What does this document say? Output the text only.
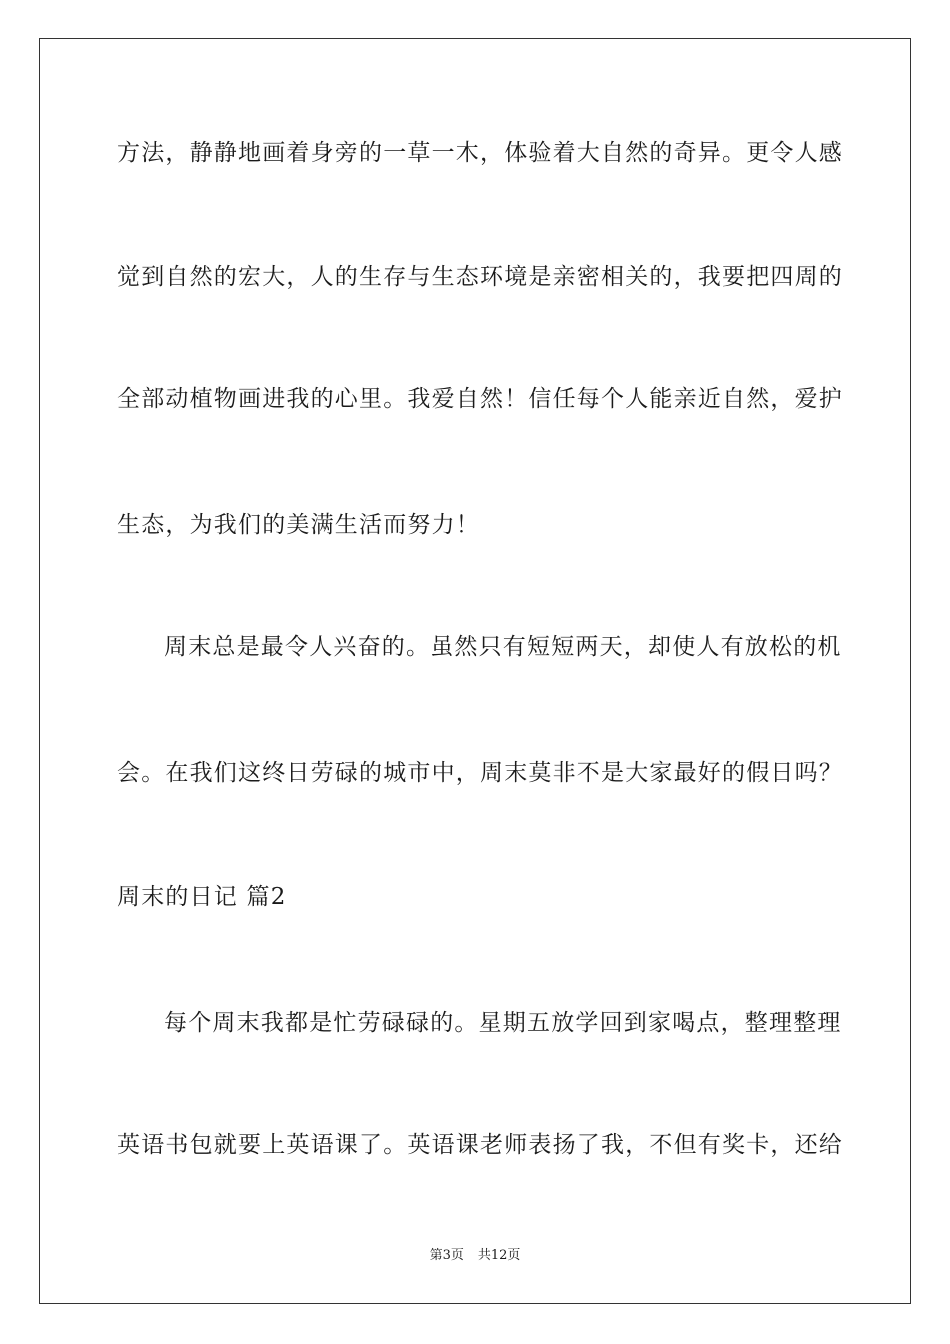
方法，静静地画着身旁的一草一木，体验着大自然的奇异。更令人感
觉到自然的宏大，人的生存与生态环境是亲密相关的，我要把四周的
全部动植物画进我的心里。我爱自然！信任每个人能亲近自然，爱护
生态，为我们的美满生活而努力！
周末总是最令人兴奋的。虽然只有短短两天，却使人有放松的机
会。在我们这终日劳碌的城市中，周末莫非不是大家最好的假日吗？
周末的日记 篇2
每个周末我都是忙劳碌碌的。星期五放学回到家喝点，整理整理
英语书包就要上英语课了。英语课老师表扬了我，不但有奖卡，还给
第3页 共12页
